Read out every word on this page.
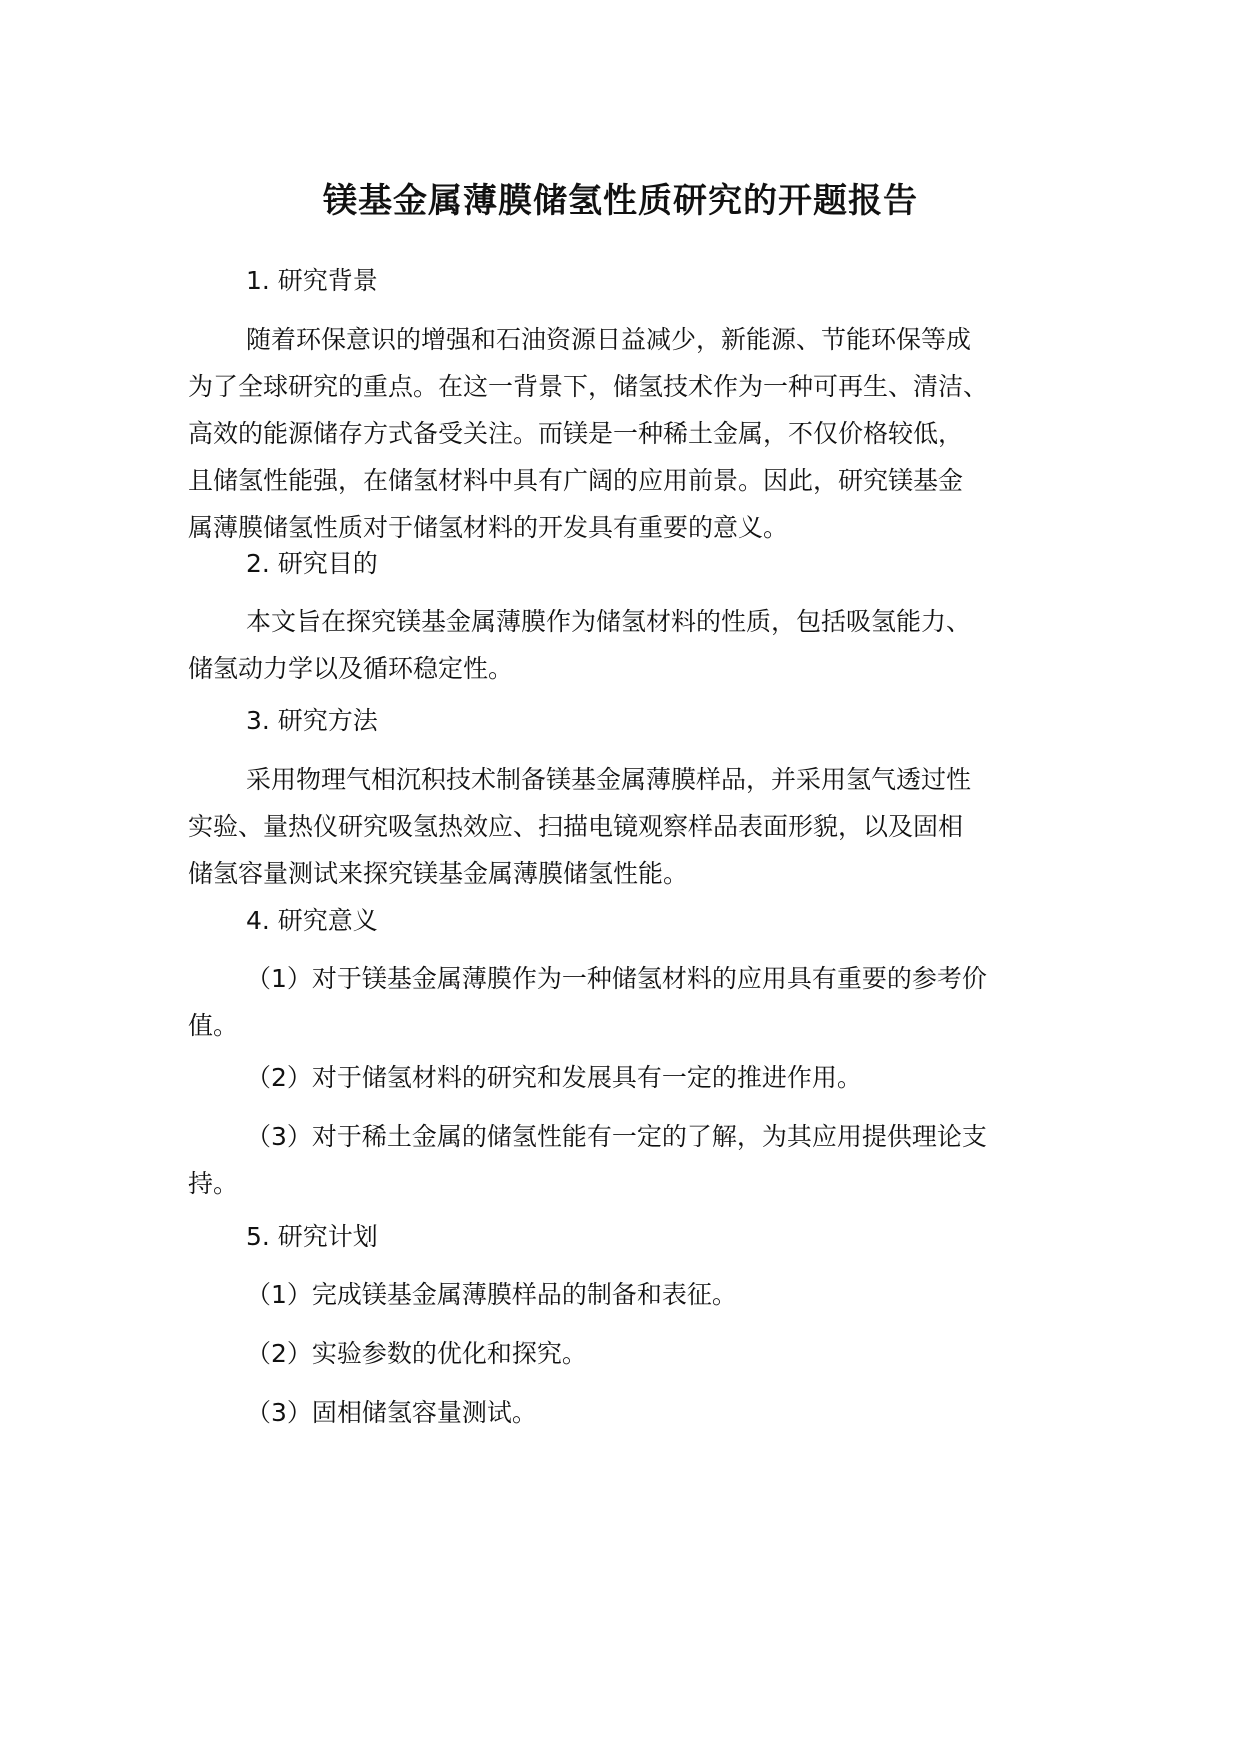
镁基金属薄膜储氢性质研究的开题报告
1. 研究背景
随着环保意识的增强和石油资源日益减少，新能源、节能环保等成
为了全球研究的重点。在这一背景下，储氢技术作为一种可再生、清洁、
高效的能源储存方式备受关注。而镁是一种稀土金属，不仅价格较低，
且储氢性能强，在储氢材料中具有广阔的应用前景。因此，研究镁基金
属薄膜储氢性质对于储氢材料的开发具有重要的意义。
2. 研究目的
本文旨在探究镁基金属薄膜作为储氢材料的性质，包括吸氢能力、
储氢动力学以及循环稳定性。
3. 研究方法
采用物理气相沉积技术制备镁基金属薄膜样品，并采用氢气透过性
实验、量热仪研究吸氢热效应、扫描电镜观察样品表面形貌，以及固相
储氢容量测试来探究镁基金属薄膜储氢性能。
4. 研究意义
（1）对于镁基金属薄膜作为一种储氢材料的应用具有重要的参考价
值。
（2）对于储氢材料的研究和发展具有一定的推进作用。
（3）对于稀土金属的储氢性能有一定的了解，为其应用提供理论支
持。
5. 研究计划
（1）完成镁基金属薄膜样品的制备和表征。
（2）实验参数的优化和探究。
（3）固相储氢容量测试。
